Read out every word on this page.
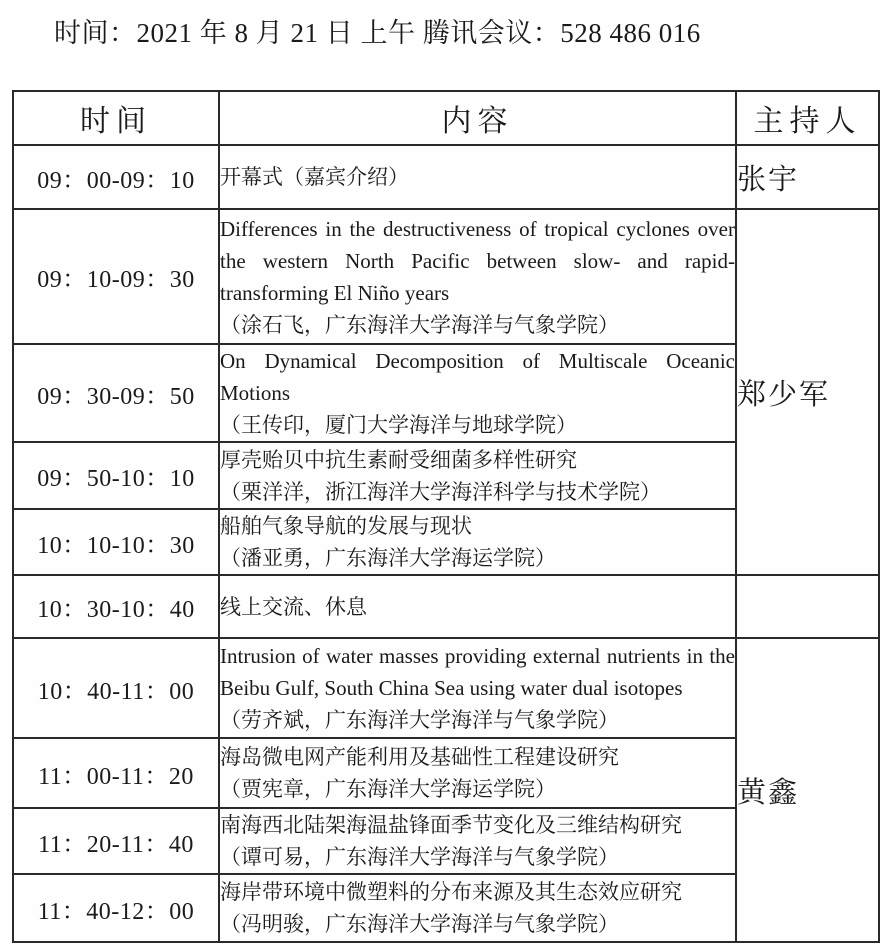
时间：2021 年 8 月 21 日 上午 腾讯会议：528 486 016

时间	内容	主持人
09：00-09：10	开幕式（嘉宾介绍）	张宇
09：10-09：30	Differences in the destructiveness of tropical cyclones over the western North Pacific between slow- and rapid-transforming El Niño years
（涂石飞，广东海洋大学海洋与气象学院）	郑少军
09：30-09：50	On Dynamical Decomposition of Multiscale Oceanic Motions
（王传印，厦门大学海洋与地球学院）	

09：50-10：10	厚壳贻贝中抗生素耐受细菌多样性研究
（栗洋洋，浙江海洋大学海洋科学与技术学院）	

10：10-10：30	船舶气象导航的发展与现状
（潘亚勇，广东海洋大学海运学院）	

10：30-10：40	线上交流、休息	

10：40-11：00	Intrusion of water masses providing external nutrients in the Beibu Gulf, South China Sea using water dual isotopes
（劳齐斌，广东海洋大学海洋与气象学院）	黄鑫
11：00-11：20	海岛微电网产能利用及基础性工程建设研究
（贾宪章，广东海洋大学海运学院）	

11：20-11：40	南海西北陆架海温盐锋面季节变化及三维结构研究
（谭可易，广东海洋大学海洋与气象学院）	

11：40-12：00	海岸带环境中微塑料的分布来源及其生态效应研究
（冯明骏，广东海洋大学海洋与气象学院）	
